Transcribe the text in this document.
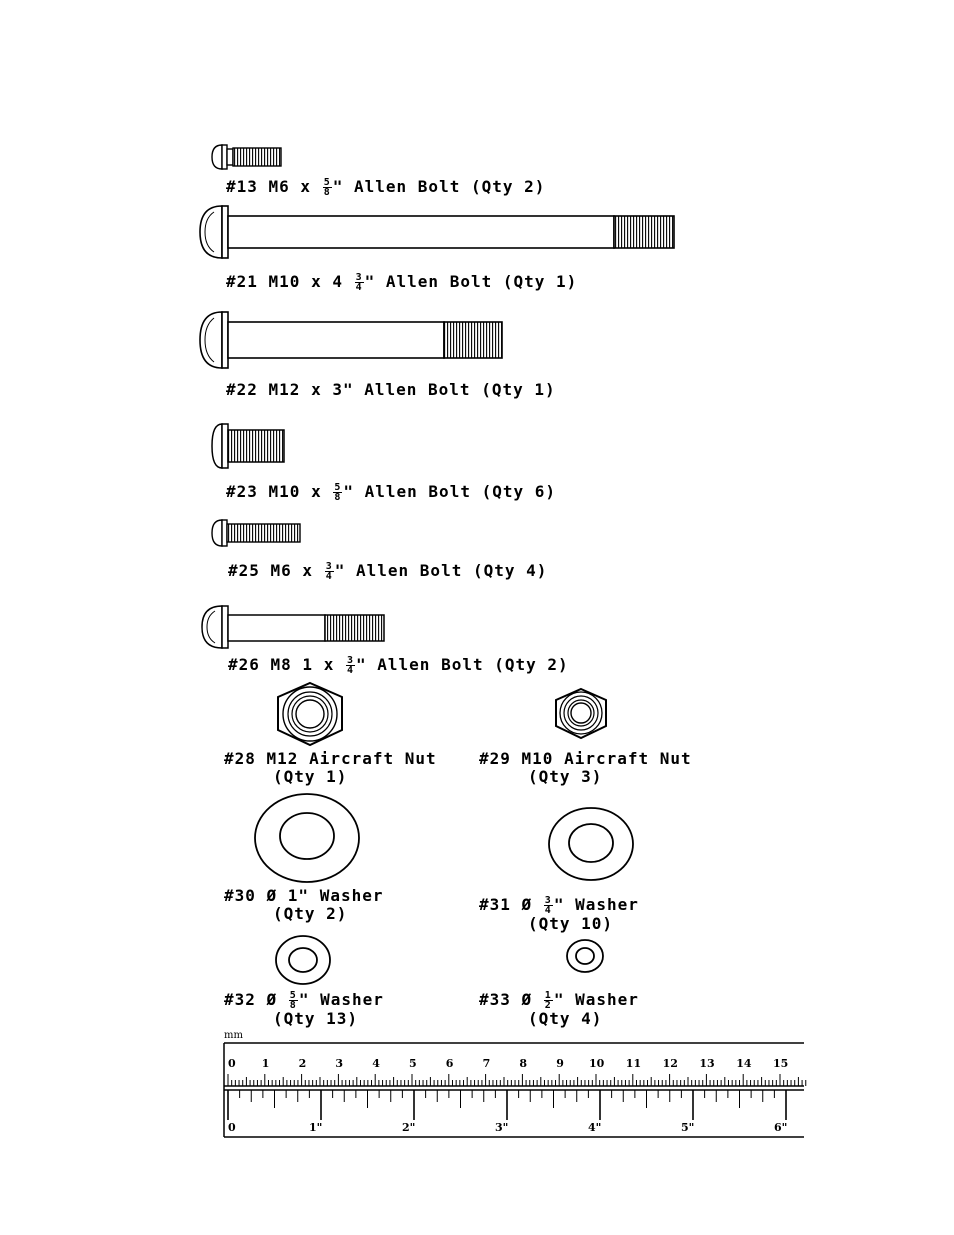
#13 M6 x $\frac{5}{8}$ " Allen Bolt (Qty 2)
#21 M10 x $4 \frac{3}{4}$ " Allen Bolt (Qty 1)
#22 M12 x 3" Allen Bolt (Qty 1)
#23 M10 x $\frac{5}{8}$ " Allen Bolt (Qty 6)
#25 M6 x $\frac{3}{4}$ " Allen Bolt (Qty 4)
#26 M8 1 x $\frac{3}{4}$ " Allen Bolt (Qty 2)
#28 M12 Aircraft Nut
(Qty 1)
#29 M10 Aircraft Nut
(Qty 3)
#30 Ø 1" Washer
(Qty 2)	#31 Ø $\frac{3}{4}$ " Washer
(Qty 10)
#32 Ø $\frac{5}{8}$ " Washer
(Qty 13)
#33 Ø $\frac{1}{2}$ " Washer
(Qty 4)
mm
0 1	2	3	4	5	6	7	8	9 10 11 12 13 14 15
0	1"	2"	3"	4"	5"	6"
